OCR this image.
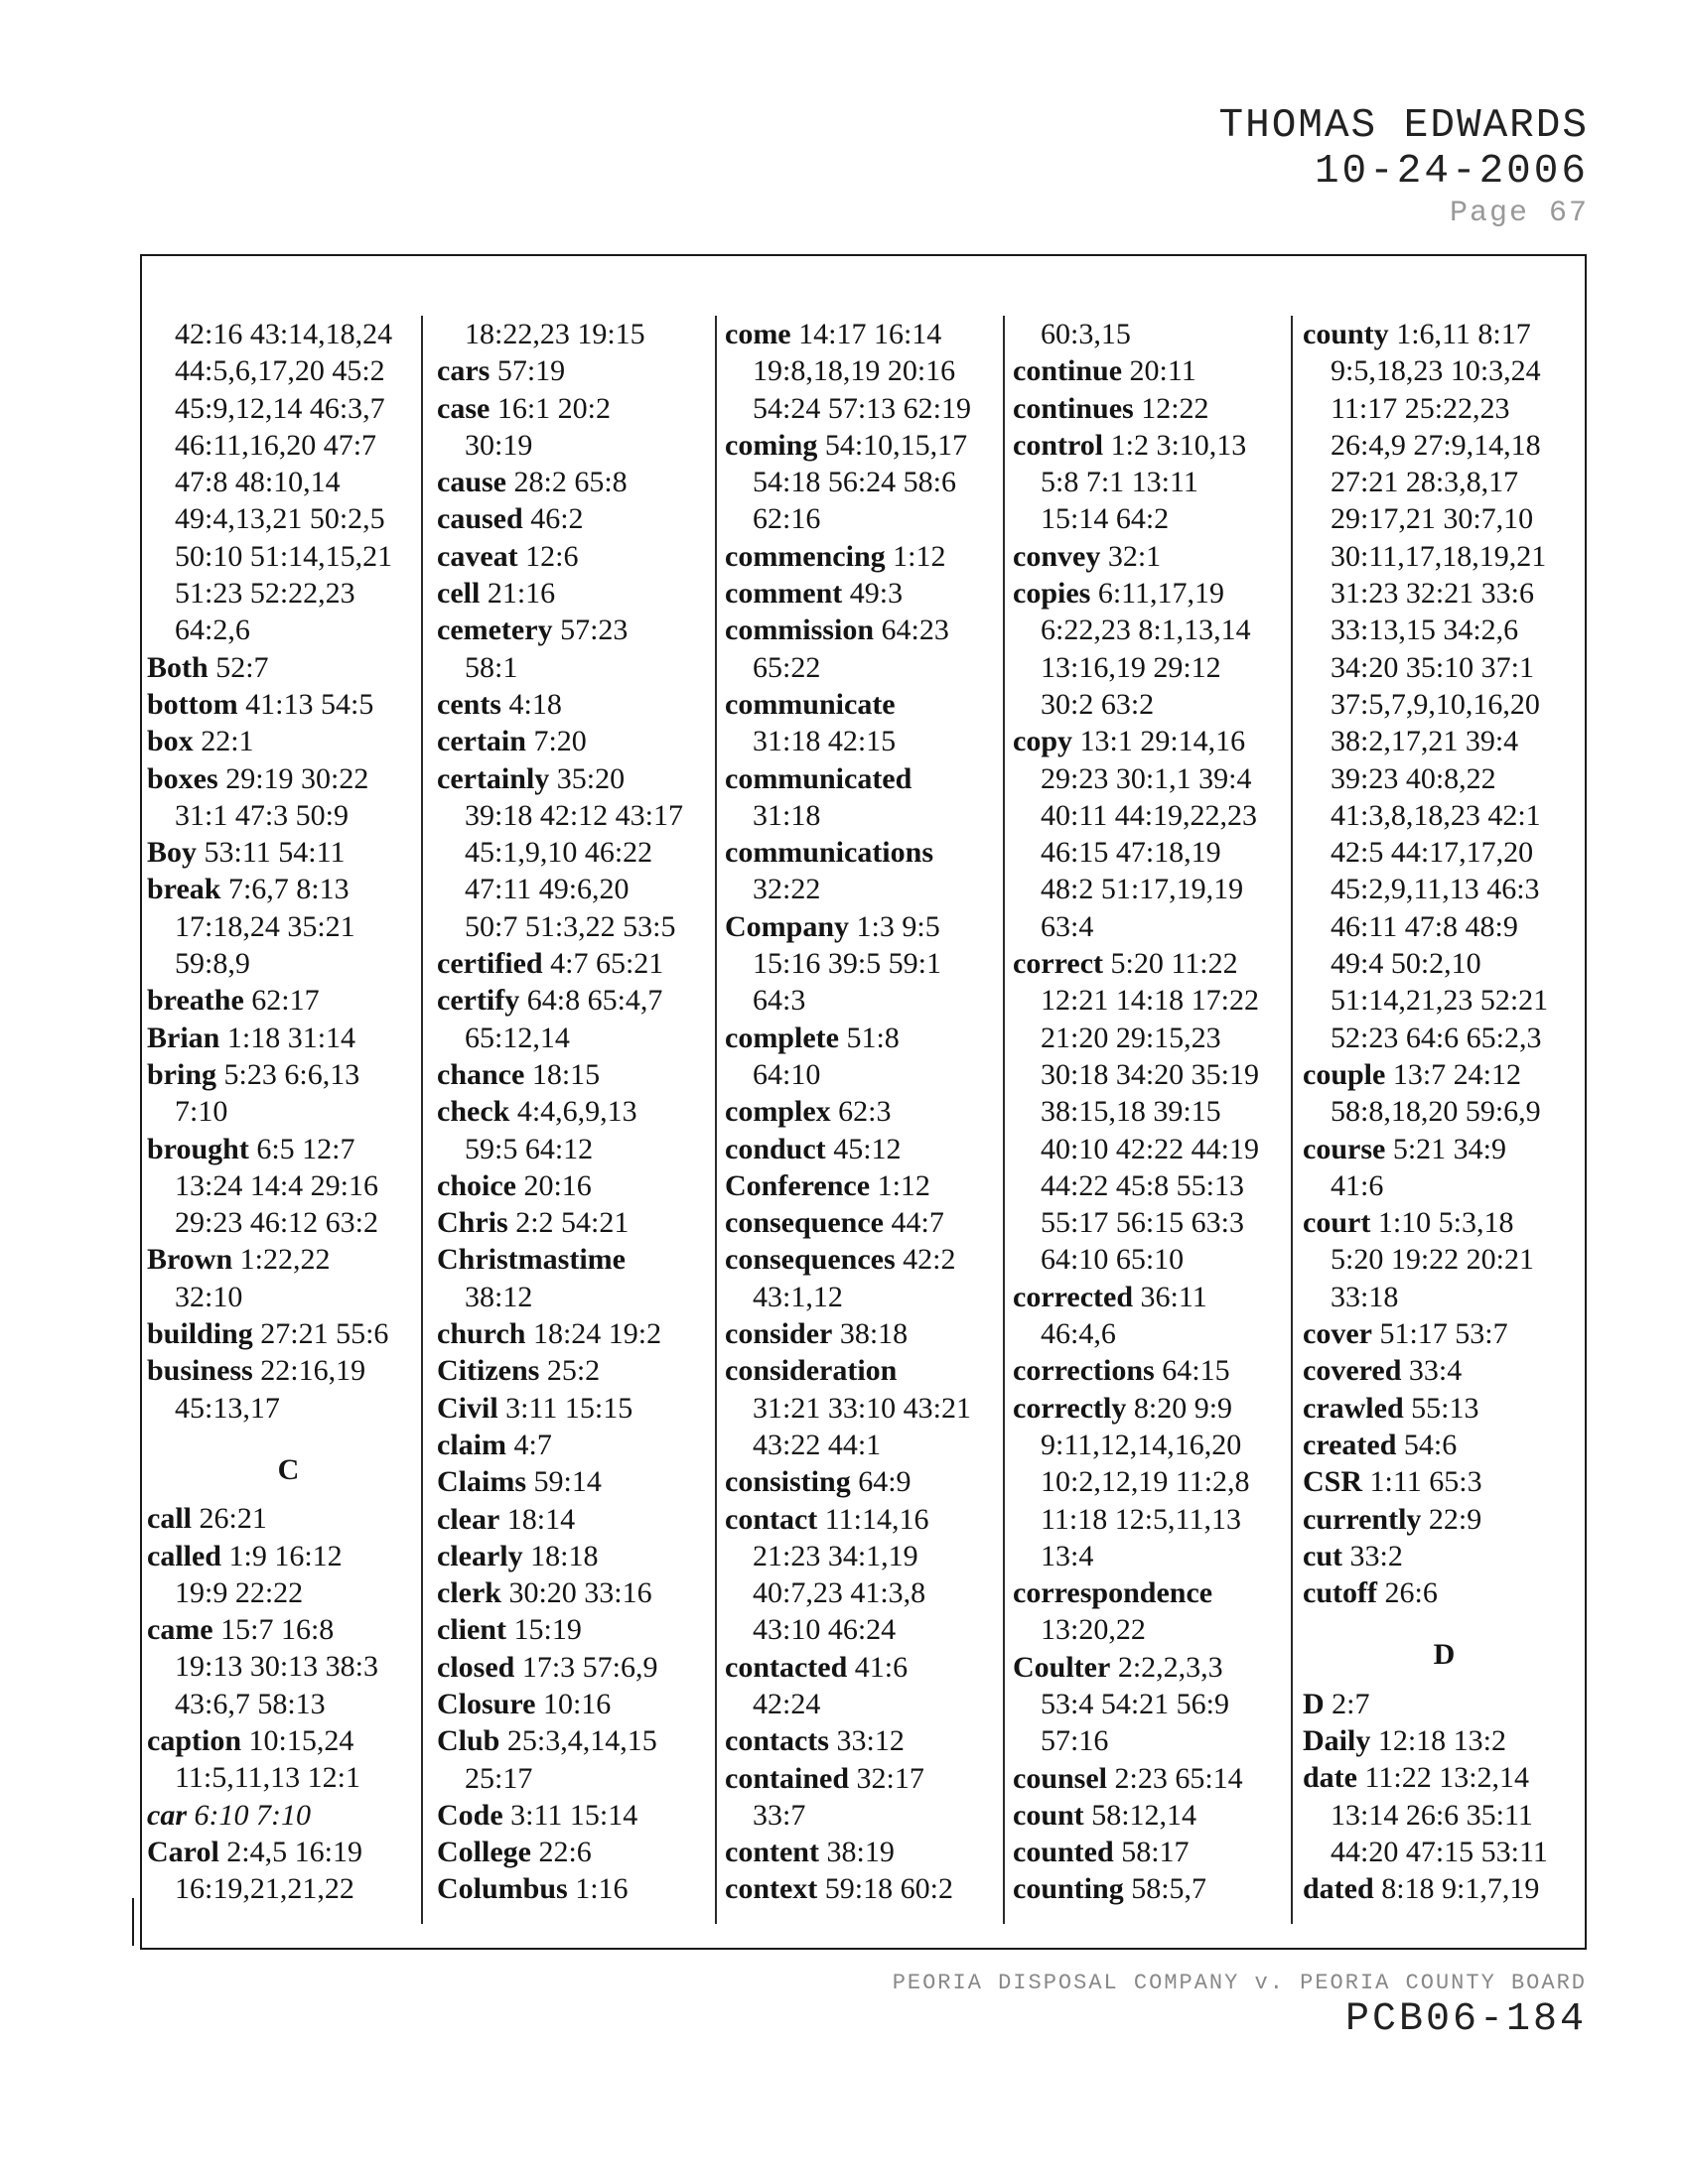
THOMAS EDWARDS
10-24-2006
Page 67
42:16 43:14,18,24
44:5,6,17,20 45:2
45:9,12,14 46:3,7
46:11,16,20 47:7
47:8 48:10,14
49:4,13,21 50:2,5
50:10 51:14,15,21
51:23 52:22,23
64:2,6
Both 52:7
bottom 41:13 54:5
box 22:1
boxes 29:19 30:22
31:1 47:3 50:9
Boy 53:11 54:11
break 7:6,7 8:13
17:18,24 35:21
59:8,9
breathe 62:17
Brian 1:18 31:14
bring 5:23 6:6,13
7:10
brought 6:5 12:7
13:24 14:4 29:16
29:23 46:12 63:2
Brown 1:22,22
32:10
building 27:21 55:6
business 22:16,19
45:13,17
C
call 26:21
called 1:9 16:12
19:9 22:22
came 15:7 16:8
19:13 30:13 38:3
43:6,7 58:13
caption 10:15,24
11:5,11,13 12:1
car 6:10 7:10
Carol 2:4,5 16:19
16:19,21,21,22
18:22,23 19:15
cars 57:19
case 16:1 20:2
30:19
cause 28:2 65:8
caused 46:2
caveat 12:6
cell 21:16
cemetery 57:23
58:1
cents 4:18
certain 7:20
certainly 35:20
39:18 42:12 43:17
45:1,9,10 46:22
47:11 49:6,20
50:7 51:3,22 53:5
certified 4:7 65:21
certify 64:8 65:4,7
65:12,14
chance 18:15
check 4:4,6,9,13
59:5 64:12
choice 20:16
Chris 2:2 54:21
Christmastime
38:12
church 18:24 19:2
Citizens 25:2
Civil 3:11 15:15
claim 4:7
Claims 59:14
clear 18:14
clearly 18:18
clerk 30:20 33:16
client 15:19
closed 17:3 57:6,9
Closure 10:16
Club 25:3,4,14,15
25:17
Code 3:11 15:14
College 22:6
Columbus 1:16
come 14:17 16:14
19:8,18,19 20:16
54:24 57:13 62:19
coming 54:10,15,17
54:18 56:24 58:6
62:16
commencing 1:12
comment 49:3
commission 64:23
65:22
communicate
31:18 42:15
communicated
31:18
communications
32:22
Company 1:3 9:5
15:16 39:5 59:1
64:3
complete 51:8
64:10
complex 62:3
conduct 45:12
Conference 1:12
consequence 44:7
consequences 42:2
43:1,12
consider 38:18
consideration
31:21 33:10 43:21
43:22 44:1
consisting 64:9
contact 11:14,16
21:23 34:1,19
40:7,23 41:3,8
43:10 46:24
contacted 41:6
42:24
contacts 33:12
contained 32:17
33:7
content 38:19
context 59:18 60:2
60:3,15
continue 20:11
continues 12:22
control 1:2 3:10,13
5:8 7:1 13:11
15:14 64:2
convey 32:1
copies 6:11,17,19
6:22,23 8:1,13,14
13:16,19 29:12
30:2 63:2
copy 13:1 29:14,16
29:23 30:1,1 39:4
40:11 44:19,22,23
46:15 47:18,19
48:2 51:17,19,19
63:4
correct 5:20 11:22
12:21 14:18 17:22
21:20 29:15,23
30:18 34:20 35:19
38:15,18 39:15
40:10 42:22 44:19
44:22 45:8 55:13
55:17 56:15 63:3
64:10 65:10
corrected 36:11
46:4,6
corrections 64:15
correctly 8:20 9:9
9:11,12,14,16,20
10:2,12,19 11:2,8
11:18 12:5,11,13
13:4
correspondence
13:20,22
Coulter 2:2,2,3,3
53:4 54:21 56:9
57:16
counsel 2:23 65:14
count 58:12,14
counted 58:17
counting 58:5,7
county 1:6,11 8:17
9:5,18,23 10:3,24
11:17 25:22,23
26:4,9 27:9,14,18
27:21 28:3,8,17
29:17,21 30:7,10
30:11,17,18,19,21
31:23 32:21 33:6
33:13,15 34:2,6
34:20 35:10 37:1
37:5,7,9,10,16,20
38:2,17,21 39:4
39:23 40:8,22
41:3,8,18,23 42:1
42:5 44:17,17,20
45:2,9,11,13 46:3
46:11 47:8 48:9
49:4 50:2,10
51:14,21,23 52:21
52:23 64:6 65:2,3
couple 13:7 24:12
58:8,18,20 59:6,9
course 5:21 34:9
41:6
court 1:10 5:3,18
5:20 19:22 20:21
33:18
cover 51:17 53:7
covered 33:4
crawled 55:13
created 54:6
CSR 1:11 65:3
currently 22:9
cut 33:2
cutoff 26:6
D
D 2:7
Daily 12:18 13:2
date 11:22 13:2,14
13:14 26:6 35:11
44:20 47:15 53:11
dated 8:18 9:1,7,19
PEORIA DISPOSAL COMPANY v. PEORIA COUNTY BOARD
PCB06-184
